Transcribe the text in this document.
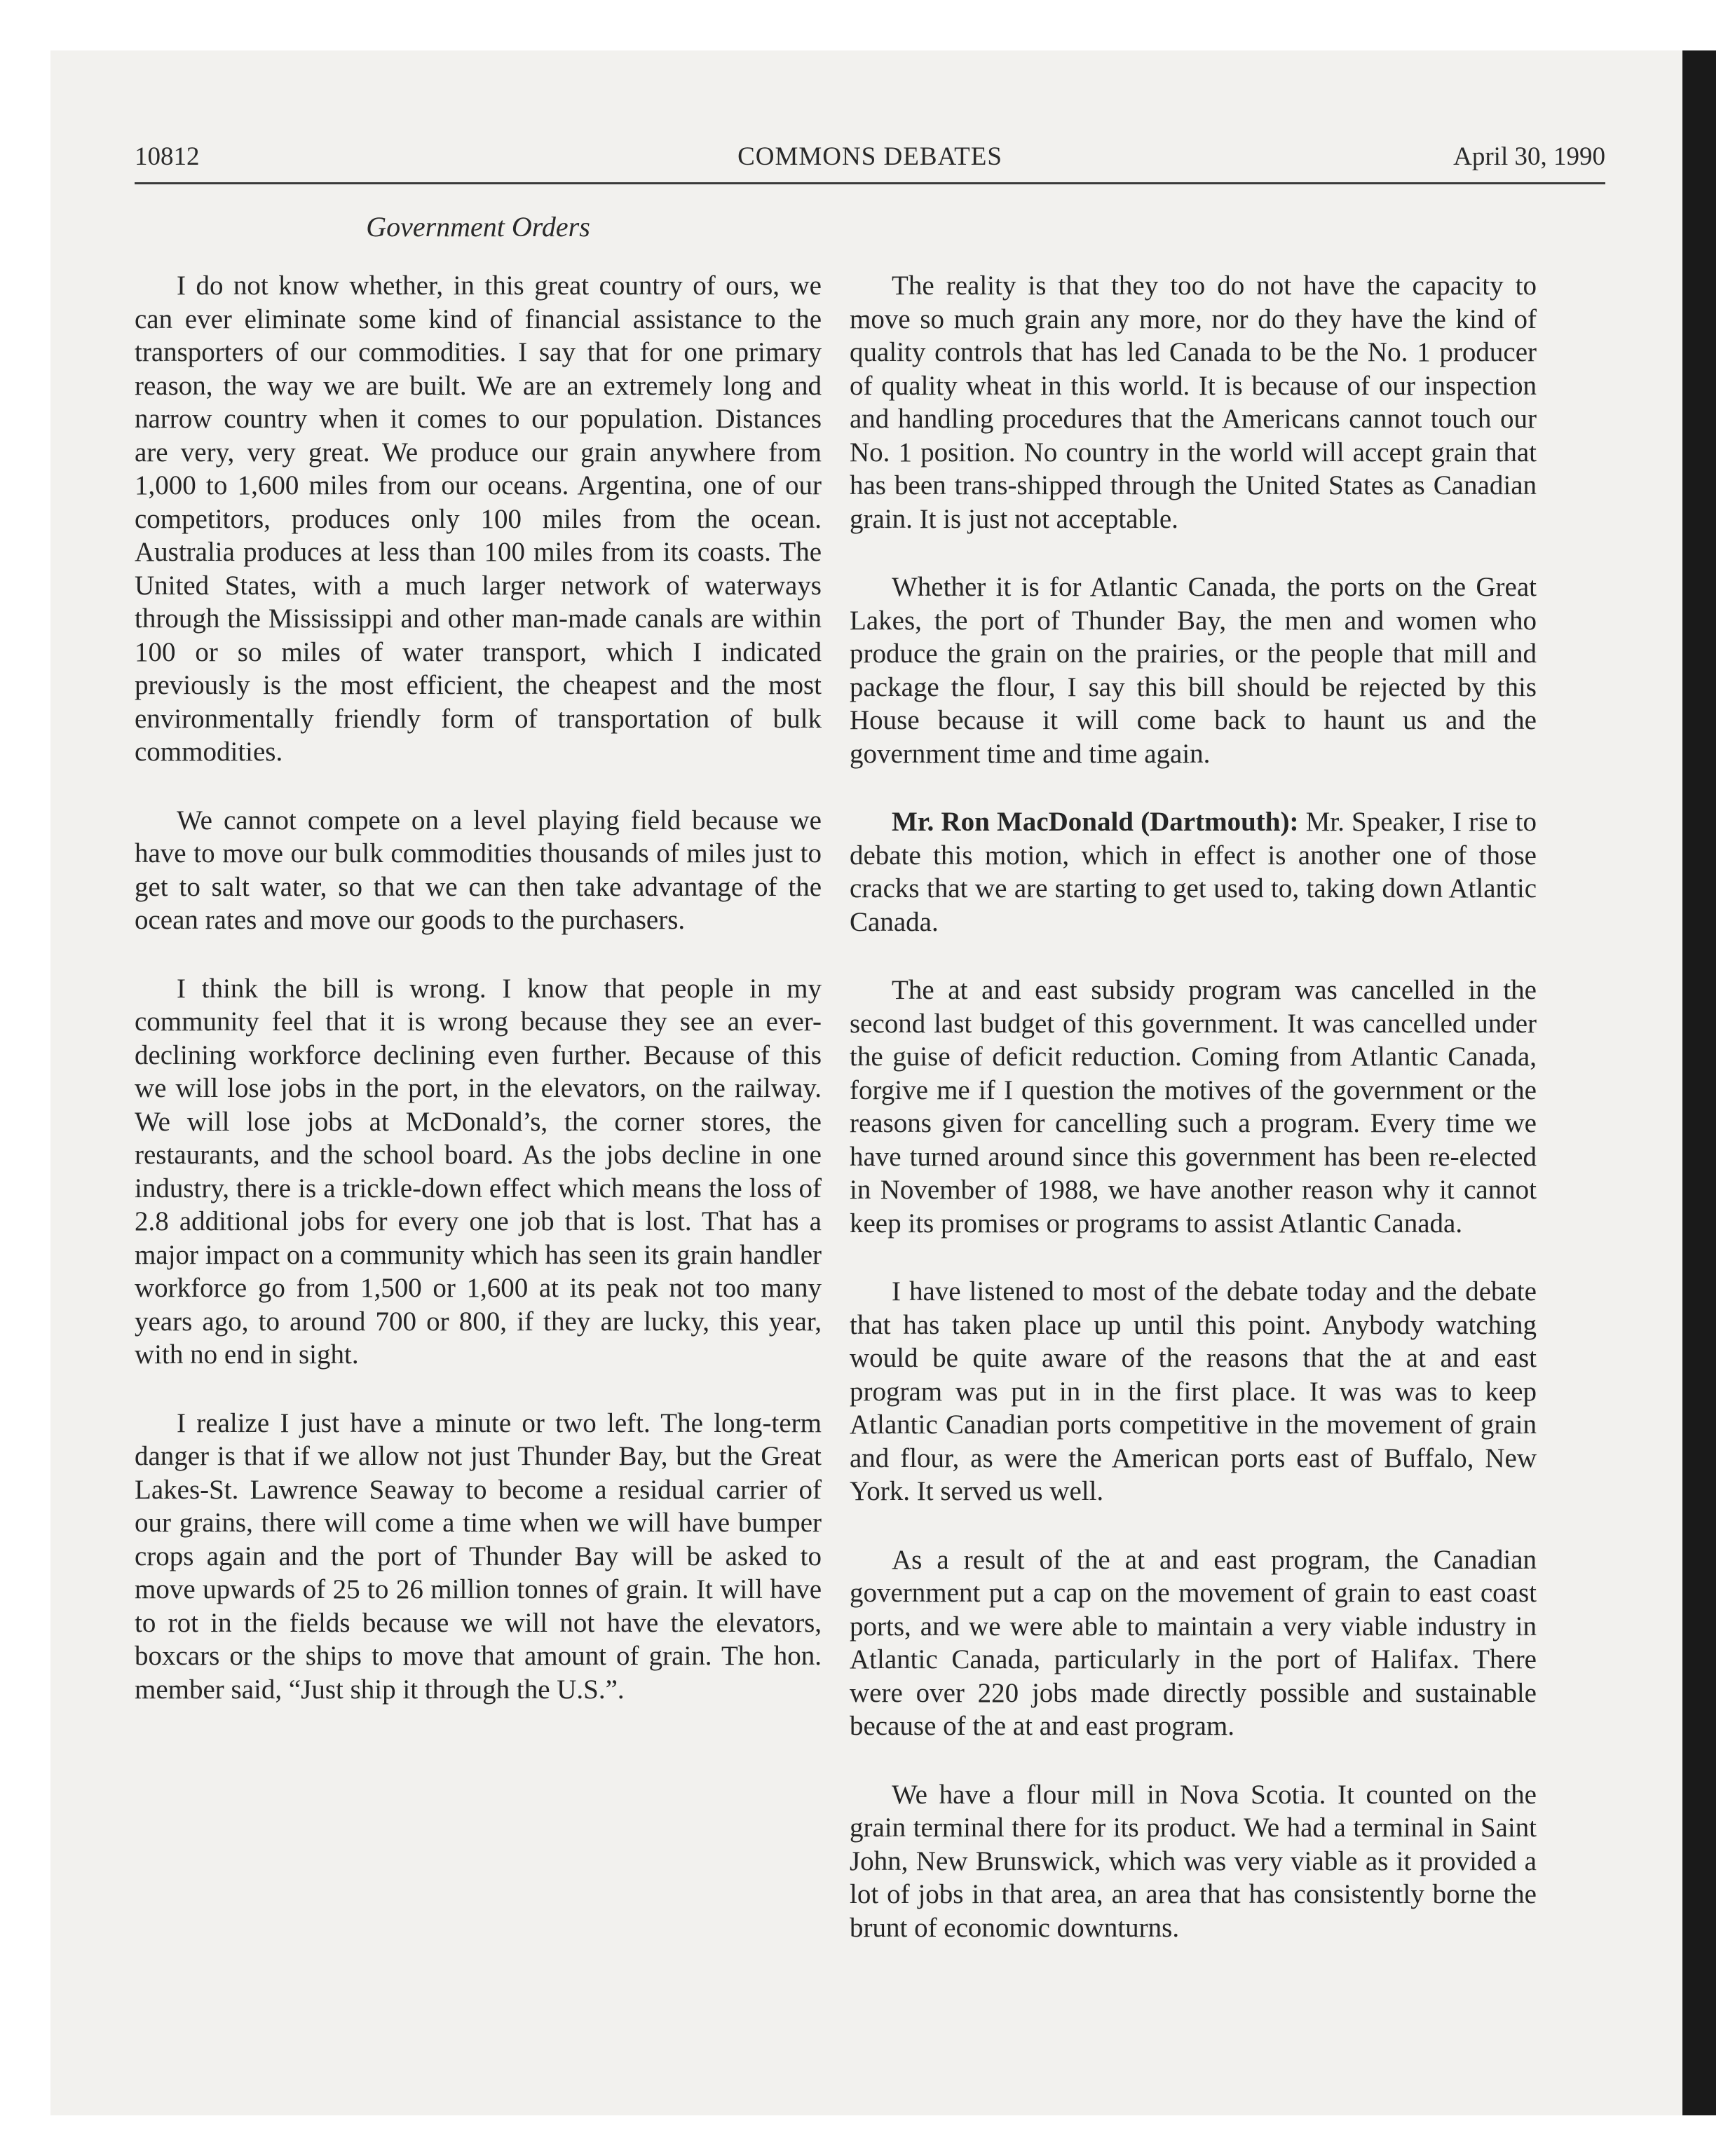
10812	COMMONS DEBATES	April 30, 1990
Government Orders

I do not know whether, in this great country of ours, we can ever eliminate some kind of financial assistance to the transporters of our commodities. I say that for one primary reason, the way we are built. We are an extremely long and narrow country when it comes to our population. Distances are very, very great. We produce our grain anywhere from 1,000 to 1,600 miles from our oceans. Argentina, one of our competitors, produces only 100 miles from the ocean. Australia produces at less than 100 miles from its coasts. The United States, with a much larger network of waterways through the Mississippi and other man-made canals are within 100 or so miles of water transport, which I indicated previously is the most efficient, the cheapest and the most environmentally friendly form of transportation of bulk commodities.

We cannot compete on a level playing field because we have to move our bulk commodities thousands of miles just to get to salt water, so that we can then take advantage of the ocean rates and move our goods to the purchasers.

I think the bill is wrong. I know that people in my community feel that it is wrong because they see an ever-declining workforce declining even further. Because of this we will lose jobs in the port, in the elevators, on the railway. We will lose jobs at McDonald’s, the corner stores, the restaurants, and the school board. As the jobs decline in one industry, there is a trickle-down effect which means the loss of 2.8 additional jobs for every one job that is lost. That has a major impact on a community which has seen its grain handler workforce go from 1,500 or 1,600 at its peak not too many years ago, to around 700 or 800, if they are lucky, this year, with no end in sight.

I realize I just have a minute or two left. The long-term danger is that if we allow not just Thunder Bay, but the Great Lakes-St. Lawrence Seaway to become a residual carrier of our grains, there will come a time when we will have bumper crops again and the port of Thunder Bay will be asked to move upwards of 25 to 26 million tonnes of grain. It will have to rot in the fields because we will not have the elevators, boxcars or the ships to move that amount of grain. The hon. member said, “Just ship it through the U.S.”.

The reality is that they too do not have the capacity to move so much grain any more, nor do they have the kind of quality controls that has led Canada to be the No. 1 producer of quality wheat in this world. It is because of our inspection and handling procedures that the Americans cannot touch our No. 1 position. No country in the world will accept grain that has been trans-shipped through the United States as Canadian grain. It is just not acceptable.

Whether it is for Atlantic Canada, the ports on the Great Lakes, the port of Thunder Bay, the men and women who produce the grain on the prairies, or the people that mill and package the flour, I say this bill should be rejected by this House because it will come back to haunt us and the government time and time again.

Mr. Ron MacDonald (Dartmouth): Mr. Speaker, I rise to debate this motion, which in effect is another one of those cracks that we are starting to get used to, taking down Atlantic Canada.

The at and east subsidy program was cancelled in the second last budget of this government. It was cancelled under the guise of deficit reduction. Coming from Atlantic Canada, forgive me if I question the motives of the government or the reasons given for cancelling such a program. Every time we have turned around since this government has been re-elected in November of 1988, we have another reason why it cannot keep its promises or programs to assist Atlantic Canada.

I have listened to most of the debate today and the debate that has taken place up until this point. Anybody watching would be quite aware of the reasons that the at and east program was put in in the first place. It was was to keep Atlantic Canadian ports competitive in the movement of grain and flour, as were the American ports east of Buffalo, New York. It served us well.

As a result of the at and east program, the Canadian government put a cap on the movement of grain to east coast ports, and we were able to maintain a very viable industry in Atlantic Canada, particularly in the port of Halifax. There were over 220 jobs made directly possible and sustainable because of the at and east program.

We have a flour mill in Nova Scotia. It counted on the grain terminal there for its product. We had a terminal in Saint John, New Brunswick, which was very viable as it provided a lot of jobs in that area, an area that has consistently borne the brunt of economic downturns.
